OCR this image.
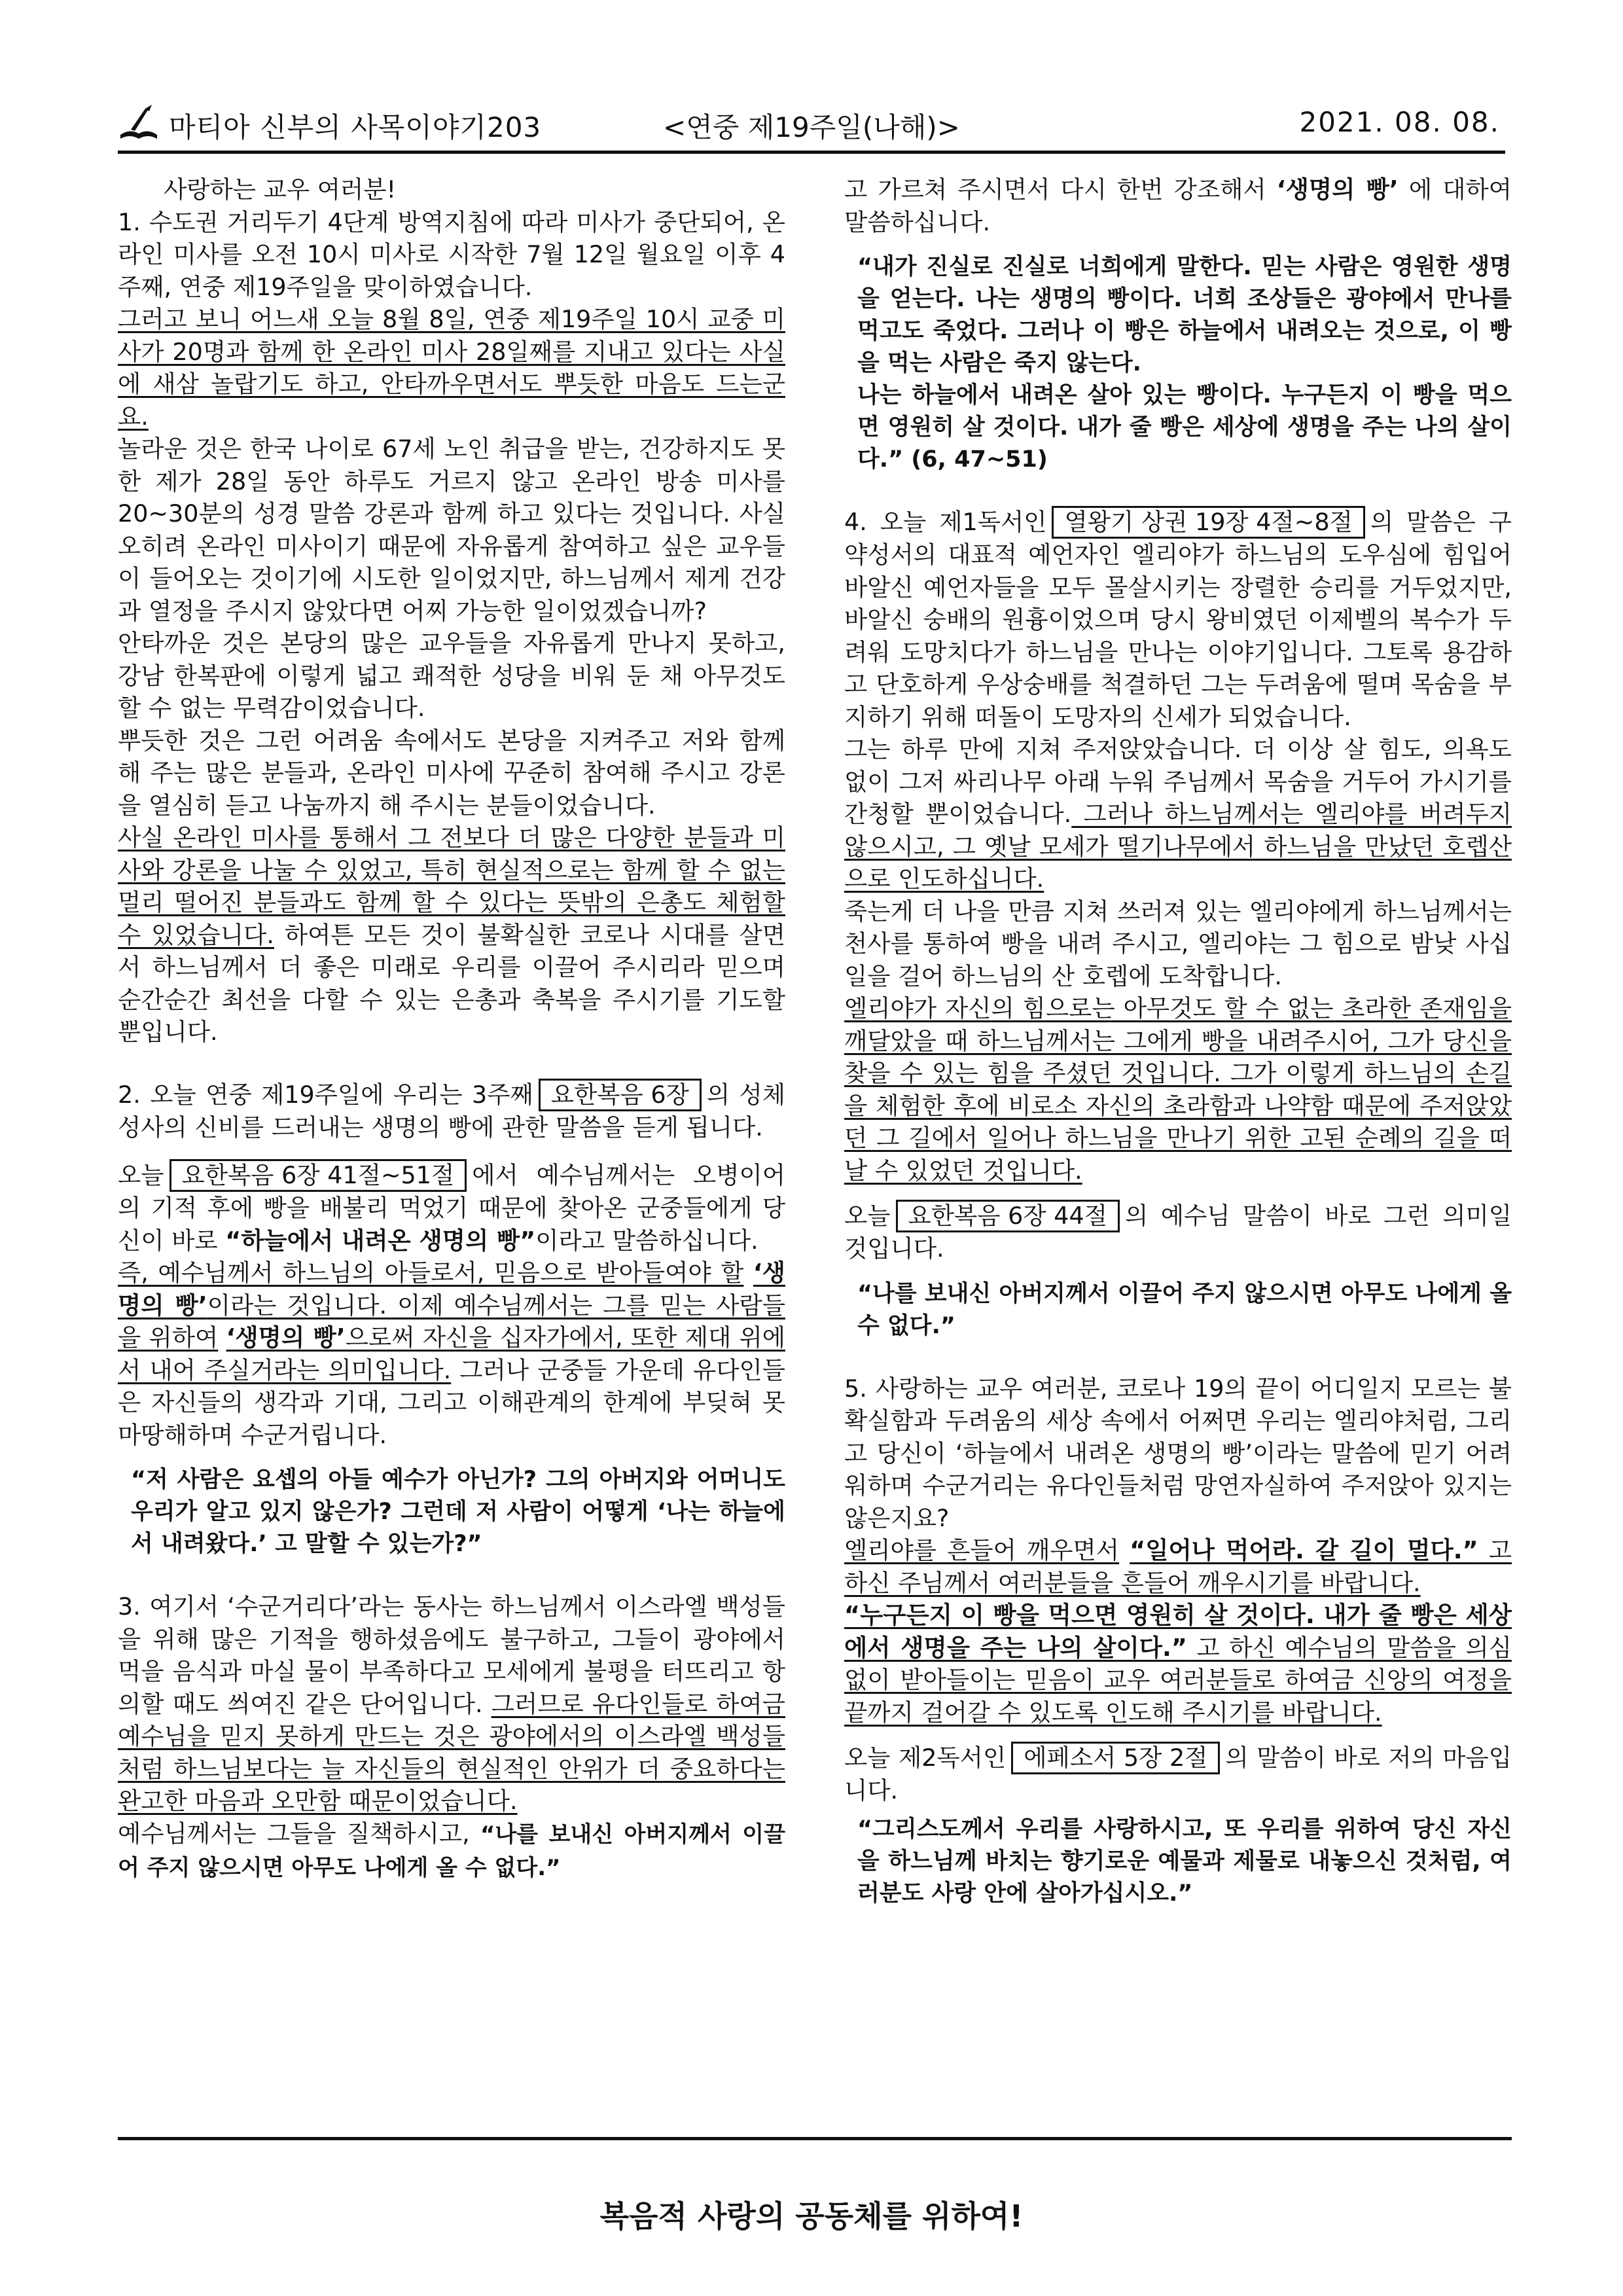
마티아 신부의 사목이야기203	<연중 제19주일(나해)>	2021. 08. 08.

사랑하는 교우 여러분!

1. 수도권 거리두기 4단계 방역지침에 따라 미사가 중단되어, 온라인 미사를 오전 10시 미사로 시작한 7월 12일 월요일 이후 4주째, 연중 제19주일을 맞이하였습니다.

그러고 보니 어느새 오늘 8월 8일, 연중 제19주일 10시 교중 미사가 20명과 함께 한 온라인 미사 28일째를 지내고 있다는 사실에 새삼 놀랍기도 하고, 안타까우면서도 뿌듯한 마음도 드는군요.

놀라운 것은 한국 나이로 67세 노인 취급을 받는, 건강하지도 못한 제가 28일 동안 하루도 거르지 않고 온라인 방송 미사를 20~30분의 성경 말씀 강론과 함께 하고 있다는 것입니다. 사실 오히려 온라인 미사이기 때문에 자유롭게 참여하고 싶은 교우들이 들어오는 것이기에 시도한 일이었지만, 하느님께서 제게 건강과 열정을 주시지 않았다면 어찌 가능한 일이었겠습니까?

안타까운 것은 본당의 많은 교우들을 자유롭게 만나지 못하고, 강남 한복판에 이렇게 넓고 쾌적한 성당을 비워 둔 채 아무것도 할 수 없는 무력감이었습니다.

뿌듯한 것은 그런 어려움 속에서도 본당을 지켜주고 저와 함께 해 주는 많은 분들과, 온라인 미사에 꾸준히 참여해 주시고 강론을 열심히 듣고 나눔까지 해 주시는 분들이었습니다.

사실 온라인 미사를 통해서 그 전보다 더 많은 다양한 분들과 미사와 강론을 나눌 수 있었고, 특히 현실적으로는 함께 할 수 없는 멀리 떨어진 분들과도 함께 할 수 있다는 뜻밖의 은총도 체험할 수 있었습니다. 하여튼 모든 것이 불확실한 코로나 시대를 살면서 하느님께서 더 좋은 미래로 우리를 이끌어 주시리라 믿으며 순간순간 최선을 다할 수 있는 은총과 축복을 주시기를 기도할 뿐입니다.

2. 오늘 연중 제19주일에 우리는 3주째 요한복음 6장 의 성체성사의 신비를 드러내는 생명의 빵에 관한 말씀을 듣게 됩니다.

오늘 요한복음 6장 41절~51절 에서 예수님께서는 오병이어의 기적 후에 빵을 배불리 먹었기 때문에 찾아온 군중들에게 당신이 바로 “하늘에서 내려온 생명의 빵”이라고 말씀하십니다.

즉, 예수님께서 하느님의 아들로서, 믿음으로 받아들여야 할 ‘생명의 빵’이라는 것입니다. 이제 예수님께서는 그를 믿는 사람들을 위하여 ‘생명의 빵’으로써 자신을 십자가에서, 또한 제대 위에서 내어 주실거라는 의미입니다. 그러나 군중들 가운데 유다인들은 자신들의 생각과 기대, 그리고 이해관계의 한계에 부딪혀 못마땅해하며 수군거립니다.

“저 사람은 요셉의 아들 예수가 아닌가? 그의 아버지와 어머니도 우리가 알고 있지 않은가? 그런데 저 사람이 어떻게 ‘나는 하늘에서 내려왔다.’ 고 말할 수 있는가?”

3. 여기서 ‘수군거리다’라는 동사는 하느님께서 이스라엘 백성들을 위해 많은 기적을 행하셨음에도 불구하고, 그들이 광야에서 먹을 음식과 마실 물이 부족하다고 모세에게 불평을 터뜨리고 항의할 때도 씌여진 같은 단어입니다. 그러므로 유다인들로 하여금 예수님을 믿지 못하게 만드는 것은 광야에서의 이스라엘 백성들처럼 하느님보다는 늘 자신들의 현실적인 안위가 더 중요하다는 완고한 마음과 오만함 때문이었습니다.

예수님께서는 그들을 질책하시고, “나를 보내신 아버지께서 이끌어 주지 않으시면 아무도 나에게 올 수 없다.”

고 가르쳐 주시면서 다시 한번 강조해서 ‘생명의 빵’ 에 대하여 말씀하십니다.

“내가 진실로 진실로 너희에게 말한다. 믿는 사람은 영원한 생명을 얻는다. 나는 생명의 빵이다. 너희 조상들은 광야에서 만나를 먹고도 죽었다. 그러나 이 빵은 하늘에서 내려오는 것으로, 이 빵을 먹는 사람은 죽지 않는다.

나는 하늘에서 내려온 살아 있는 빵이다. 누구든지 이 빵을 먹으면 영원히 살 것이다. 내가 줄 빵은 세상에 생명을 주는 나의 살이다.” (6, 47~51)

4. 오늘 제1독서인 열왕기 상권 19장 4절~8절 의 말씀은 구약성서의 대표적 예언자인 엘리야가 하느님의 도우심에 힘입어 바알신 예언자들을 모두 몰살시키는 장렬한 승리를 거두었지만, 바알신 숭배의 원흉이었으며 당시 왕비였던 이제벨의 복수가 두려워 도망치다가 하느님을 만나는 이야기입니다. 그토록 용감하고 단호하게 우상숭배를 척결하던 그는 두려움에 떨며 목숨을 부지하기 위해 떠돌이 도망자의 신세가 되었습니다.

그는 하루 만에 지쳐 주저앉았습니다. 더 이상 살 힘도, 의욕도 없이 그저 싸리나무 아래 누워 주님께서 목숨을 거두어 가시기를 간청할 뿐이었습니다. 그러나 하느님께서는 엘리야를 버려두지 않으시고, 그 옛날 모세가 떨기나무에서 하느님을 만났던 호렙산으로 인도하십니다.

죽는게 더 나을 만큼 지쳐 쓰러져 있는 엘리야에게 하느님께서는 천사를 통하여 빵을 내려 주시고, 엘리야는 그 힘으로 밤낮 사십일을 걸어 하느님의 산 호렙에 도착합니다.

엘리야가 자신의 힘으로는 아무것도 할 수 없는 초라한 존재임을 깨달았을 때 하느님께서는 그에게 빵을 내려주시어, 그가 당신을 찾을 수 있는 힘을 주셨던 것입니다. 그가 이렇게 하느님의 손길을 체험한 후에 비로소 자신의 초라함과 나약함 때문에 주저앉았던 그 길에서 일어나 하느님을 만나기 위한 고된 순례의 길을 떠날 수 있었던 것입니다.

오늘 요한복음 6장 44절 의 예수님 말씀이 바로 그런 의미일 것입니다.

“나를 보내신 아버지께서 이끌어 주지 않으시면 아무도 나에게 올 수 없다.”

5. 사랑하는 교우 여러분, 코로나 19의 끝이 어디일지 모르는 불확실함과 두려움의 세상 속에서 어쩌면 우리는 엘리야처럼, 그리고 당신이 ‘하늘에서 내려온 생명의 빵’이라는 말씀에 믿기 어려워하며 수군거리는 유다인들처럼 망연자실하여 주저앉아 있지는 않은지요?

엘리야를 흔들어 깨우면서 “일어나 먹어라. 갈 길이 멀다.” 고 하신 주님께서 여러분들을 흔들어 깨우시기를 바랍니다.

“누구든지 이 빵을 먹으면 영원히 살 것이다. 내가 줄 빵은 세상에서 생명을 주는 나의 살이다.” 고 하신 예수님의 말씀을 의심 없이 받아들이는 믿음이 교우 여러분들로 하여금 신앙의 여정을 끝까지 걸어갈 수 있도록 인도해 주시기를 바랍니다.

오늘 제2독서인 에페소서 5장 2절 의 말씀이 바로 저의 마음입니다.

“그리스도께서 우리를 사랑하시고, 또 우리를 위하여 당신 자신을 하느님께 바치는 향기로운 예물과 제물로 내놓으신 것처럼, 여러분도 사랑 안에 살아가십시오.”

복음적 사랑의 공동체를 위하여!
